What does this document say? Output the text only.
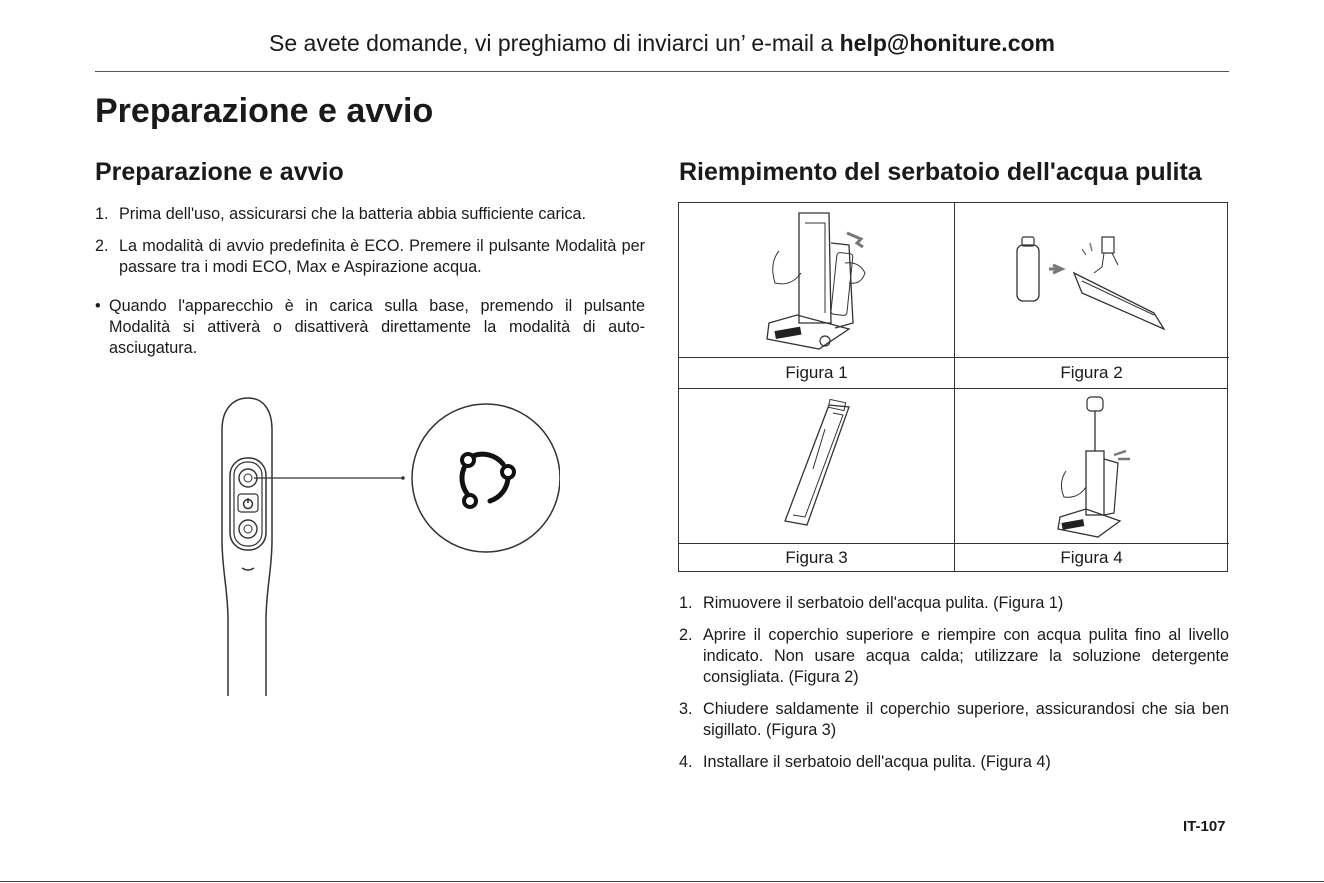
Se avete domande, vi preghiamo di inviarci un’ e-mail a help@honiture.com
Preparazione e avvio
Preparazione e avvio
1. Prima dell'uso, assicurarsi che la batteria abbia sufficiente carica.
2. La modalità di avvio predefinita è ECO. Premere il pulsante Modalità per passare tra i modi ECO, Max e Aspirazione acqua.
• Quando l'apparecchio è in carica sulla base, premendo il pulsante Modalità si attiverà o disattiverà direttamente la modalità di auto-asciugatura.
Riempimento del serbatoio dell'acqua pulita
Figura 1	Figura 2
Figura 3	Figura 4
1. Rimuovere il serbatoio dell'acqua pulita. (Figura 1)
2. Aprire il coperchio superiore e riempire con acqua pulita fino al livello indicato. Non usare acqua calda; utilizzare la soluzione detergente consigliata. (Figura 2)
3. Chiudere saldamente il coperchio superiore, assicurandosi che sia ben sigillato. (Figura 3)
4. Installare il serbatoio dell'acqua pulita. (Figura 4)
IT-107
